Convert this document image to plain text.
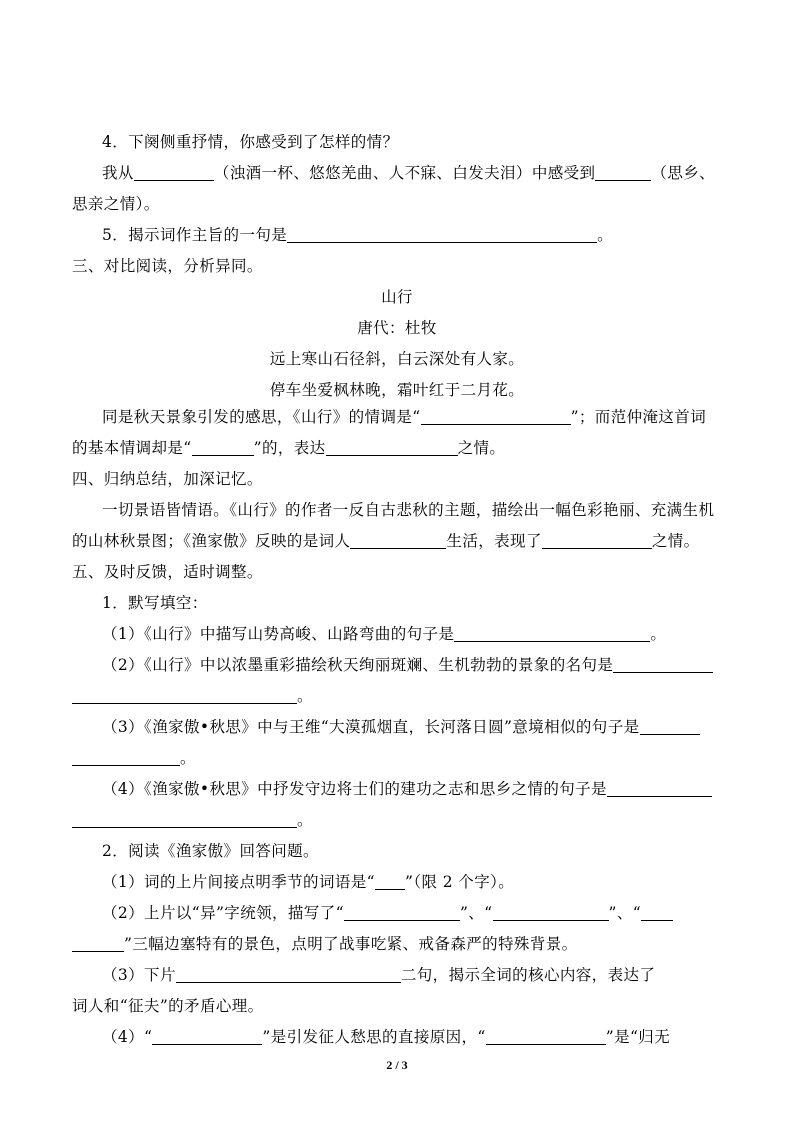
4．下阕侧重抒情，你感受到了怎样的情？
我从	（浊酒一杯、悠悠羌曲、人不寐、白发夫泪）中感受到	（思乡、
思亲之情）。
5．揭示词作主旨的一句是	。
三、对比阅读，分析异同。
山行
唐代：杜牧
远上寒山石径斜，白云深处有人家。
停车坐爱枫林晚，霜叶红于二月花。
同是秋天景象引发的感思，《山行》的情调是“	”；而范仲淹这首词
的基本情调却是“	”的，表达	之情。
四、归纳总结，加深记忆。
一切景语皆情语。《山行》的作者一反自古悲秋的主题，描绘出一幅色彩艳丽、充满生机
的山林秋景图；《渔家傲》反映的是词人	生活，表现了	之情。
五、及时反馈，适时调整。
1．默写填空：
（1）《山行》中描写山势高峻、山路弯曲的句子是	。
（2）《山行》中以浓墨重彩描绘秋天绚丽斑斓、生机勃勃的景象的名句是
。
（3）《渔家傲•秋思》中与王维“大漠孤烟直，长河落日圆”意境相似的句子是
。
（4）《渔家傲•秋思》中抒发守边将士们的建功之志和思乡之情的句子是
。
2．阅读《渔家傲》回答问题。
（1）词的上片间接点明季节的词语是“ ”（限 2 个字）。
（2）上片以“异”字统领，描写了“	”、“	”、“
”三幅边塞特有的景色，点明了战事吃紧、戒备森严的特殊背景。
（3）下片	二句，揭示全词的核心内容，表达了
词人和“征夫”的矛盾心理。
（4）“	”是引发征人愁思的直接原因，“	”是“归无
2 / 3
